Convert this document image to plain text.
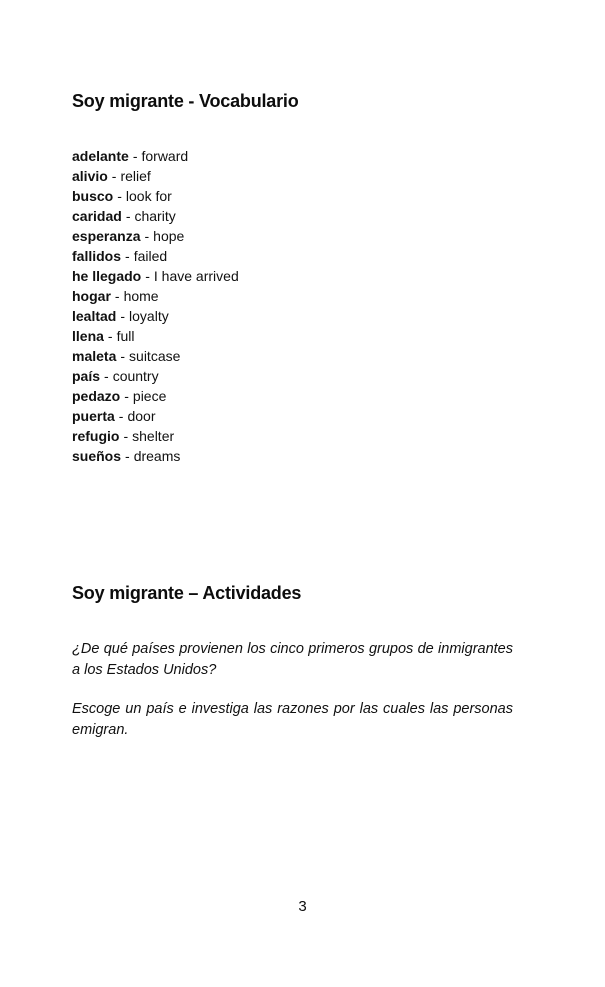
Soy migrante - Vocabulario
adelante - forward
alivio - relief
busco - look for
caridad - charity
esperanza - hope
fallidos - failed
he llegado - I have arrived
hogar - home
lealtad - loyalty
llena - full
maleta - suitcase
país - country
pedazo - piece
puerta - door
refugio - shelter
sueños - dreams
Soy migrante – Actividades
¿De qué países provienen los cinco primeros grupos de inmigrantes a los Estados Unidos?
Escoge un país e investiga las razones por las cuales las personas emigran.
3
